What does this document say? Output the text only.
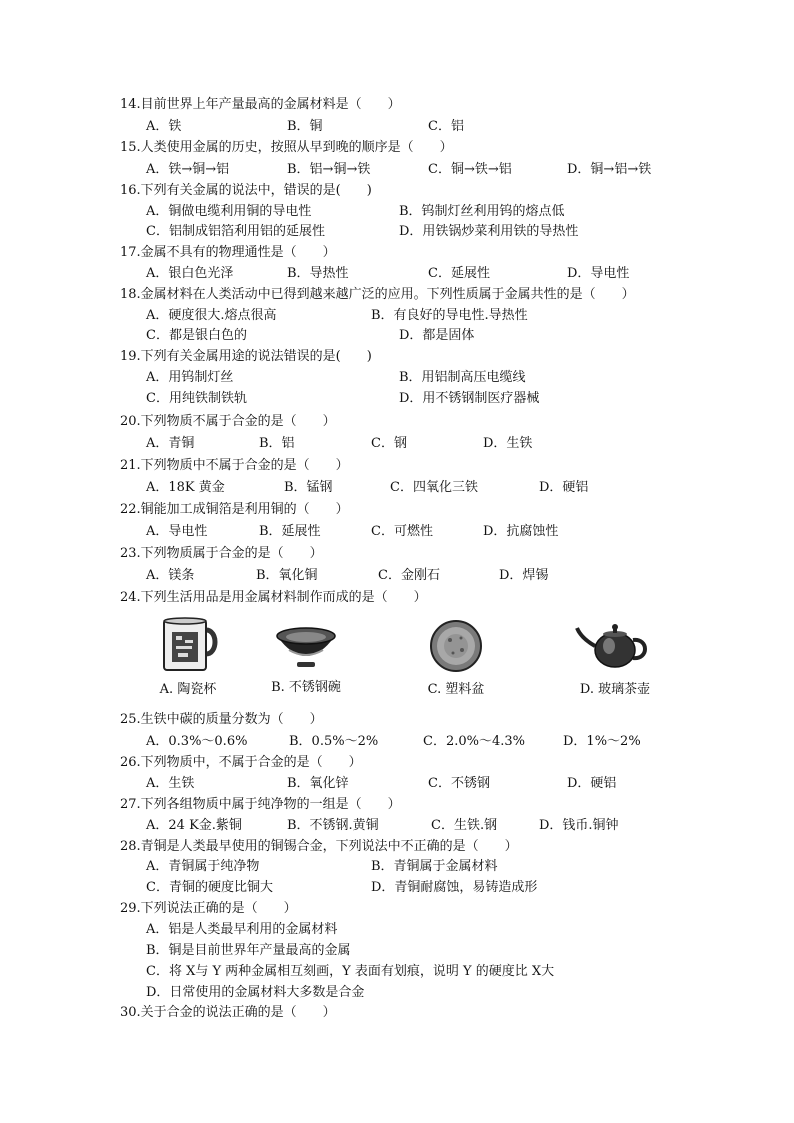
14.目前世界上年产量最高的金属材料是（　　）
A．铁	B．铜	C．铝
15.人类使用金属的历史，按照从早到晚的顺序是（　　）
A．铁→铜→铝	B．铝→铜→铁	C．铜→铁→铝	D．铜→铝→铁
16.下列有关金属的说法中，错误的是(　　)
A．铜做电缆利用铜的导电性	B．钨制灯丝利用钨的熔点低
C．铝制成铝箔利用铝的延展性	D．用铁锅炒菜利用铁的导热性
17.金属不具有的物理通性是（　　）
A．银白色光泽	B．导热性	C．延展性	D．导电性
18.金属材料在人类活动中已得到越来越广泛的应用。下列性质属于金属共性的是（　　）
A．硬度很大.熔点很高	B．有良好的导电性.导热性
C．都是银白色的	D．都是固体
19.下列有关金属用途的说法错误的是(　　)
A．用钨制灯丝	B．用铝制高压电缆线
C．用纯铁制铁轨	D．用不锈钢制医疗器械
20.下列物质不属于合金的是（　　）
A．青铜	B．铝	C．钢	D．生铁
21.下列物质中不属于合金的是（　　）
A．18K 黄金	B．锰钢	C．四氧化三铁	D．硬铝
22.铜能加工成铜箔是利用铜的（　　）
A．导电性	B．延展性	C．可燃性	D．抗腐蚀性
23.下列物质属于合金的是（　　）
A．镁条	B．氧化铜	C．金刚石	D．焊锡
24.下列生活用品是用金属材料制作而成的是（　　）
A. 陶瓷杯	B. 不锈钢碗	C. 塑料盆	D. 玻璃茶壶
25.生铁中碳的质量分数为（　　）
A．0.3%～0.6%	B．0.5%～2%	C．2.0%～4.3%	D．1%～2%
26.下列物质中，不属于合金的是（　　）
A．生铁	B．氧化锌	C．不锈钢	D．硬铝
27.下列各组物质中属于纯净物的一组是（　　）
A．24 K金.紫铜	B．不锈钢.黄铜	C．生铁.钢	D．钱币.铜钟
28.青铜是人类最早使用的铜锡合金，下列说法中不正确的是（　　）
A．青铜属于纯净物	B．青铜属于金属材料
C．青铜的硬度比铜大	D．青铜耐腐蚀，易铸造成形
29.下列说法正确的是（　　）
A．铝是人类最早利用的金属材料
B．铜是目前世界年产量最高的金属
C．将 X与 Y 两种金属相互刻画，Y 表面有划痕，说明 Y 的硬度比 X大
D．日常使用的金属材料大多数是合金
30.关于合金的说法正确的是（　　）
